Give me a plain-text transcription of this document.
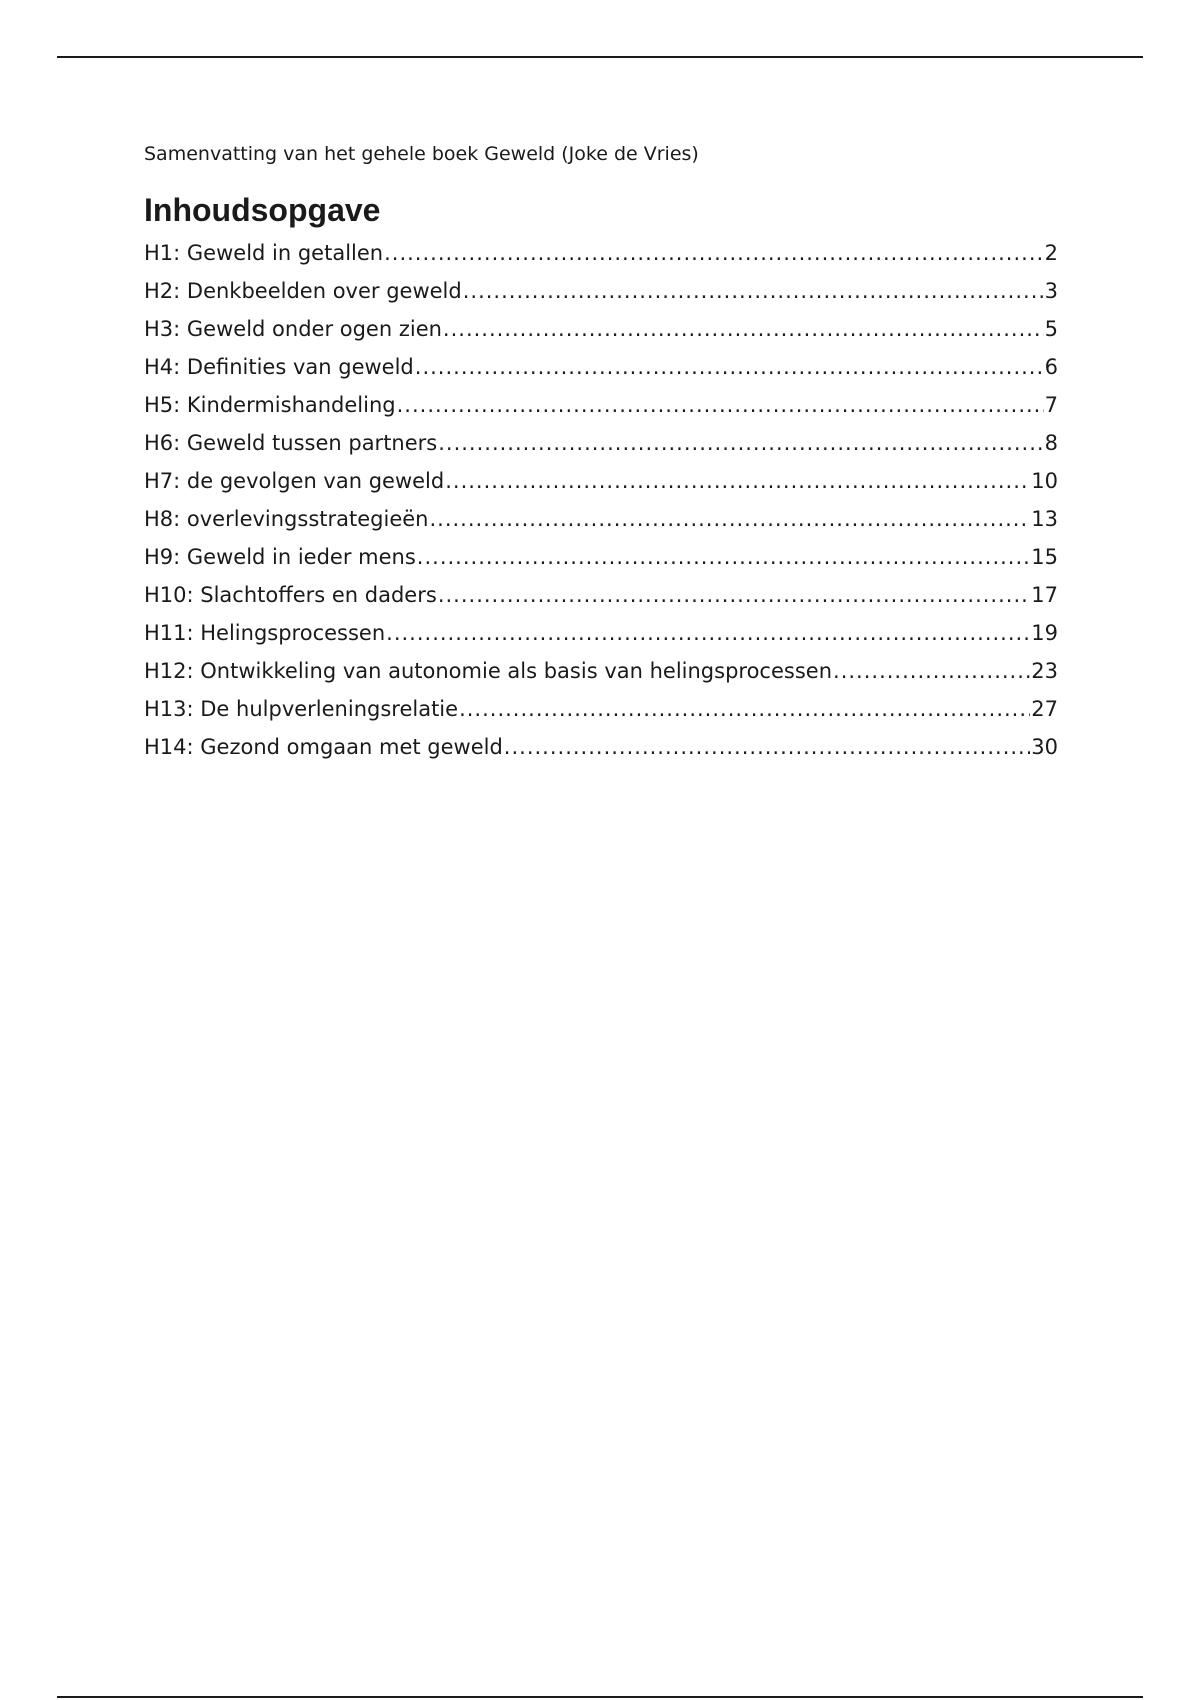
Samenvatting van het gehele boek Geweld (Joke de Vries)

Inhoudsopgave
H1: Geweld in getallen .....	2
H2: Denkbeelden over geweld .....	3
H3: Geweld onder ogen zien .....	5
H4: Definities van geweld .....	6
H5: Kindermishandeling .....	7
H6: Geweld tussen partners .....	8
H7: de gevolgen van geweld .....	10
H8: overlevingsstrategieën .....	13
H9: Geweld in ieder mens .....	15
H10: Slachtoffers en daders .....	17
H11: Helingsprocessen .....	19
H12: Ontwikkeling van autonomie als basis van helingsprocessen .....	23
H13: De hulpverleningsrelatie .....	27
H14: Gezond omgaan met geweld .....	30
